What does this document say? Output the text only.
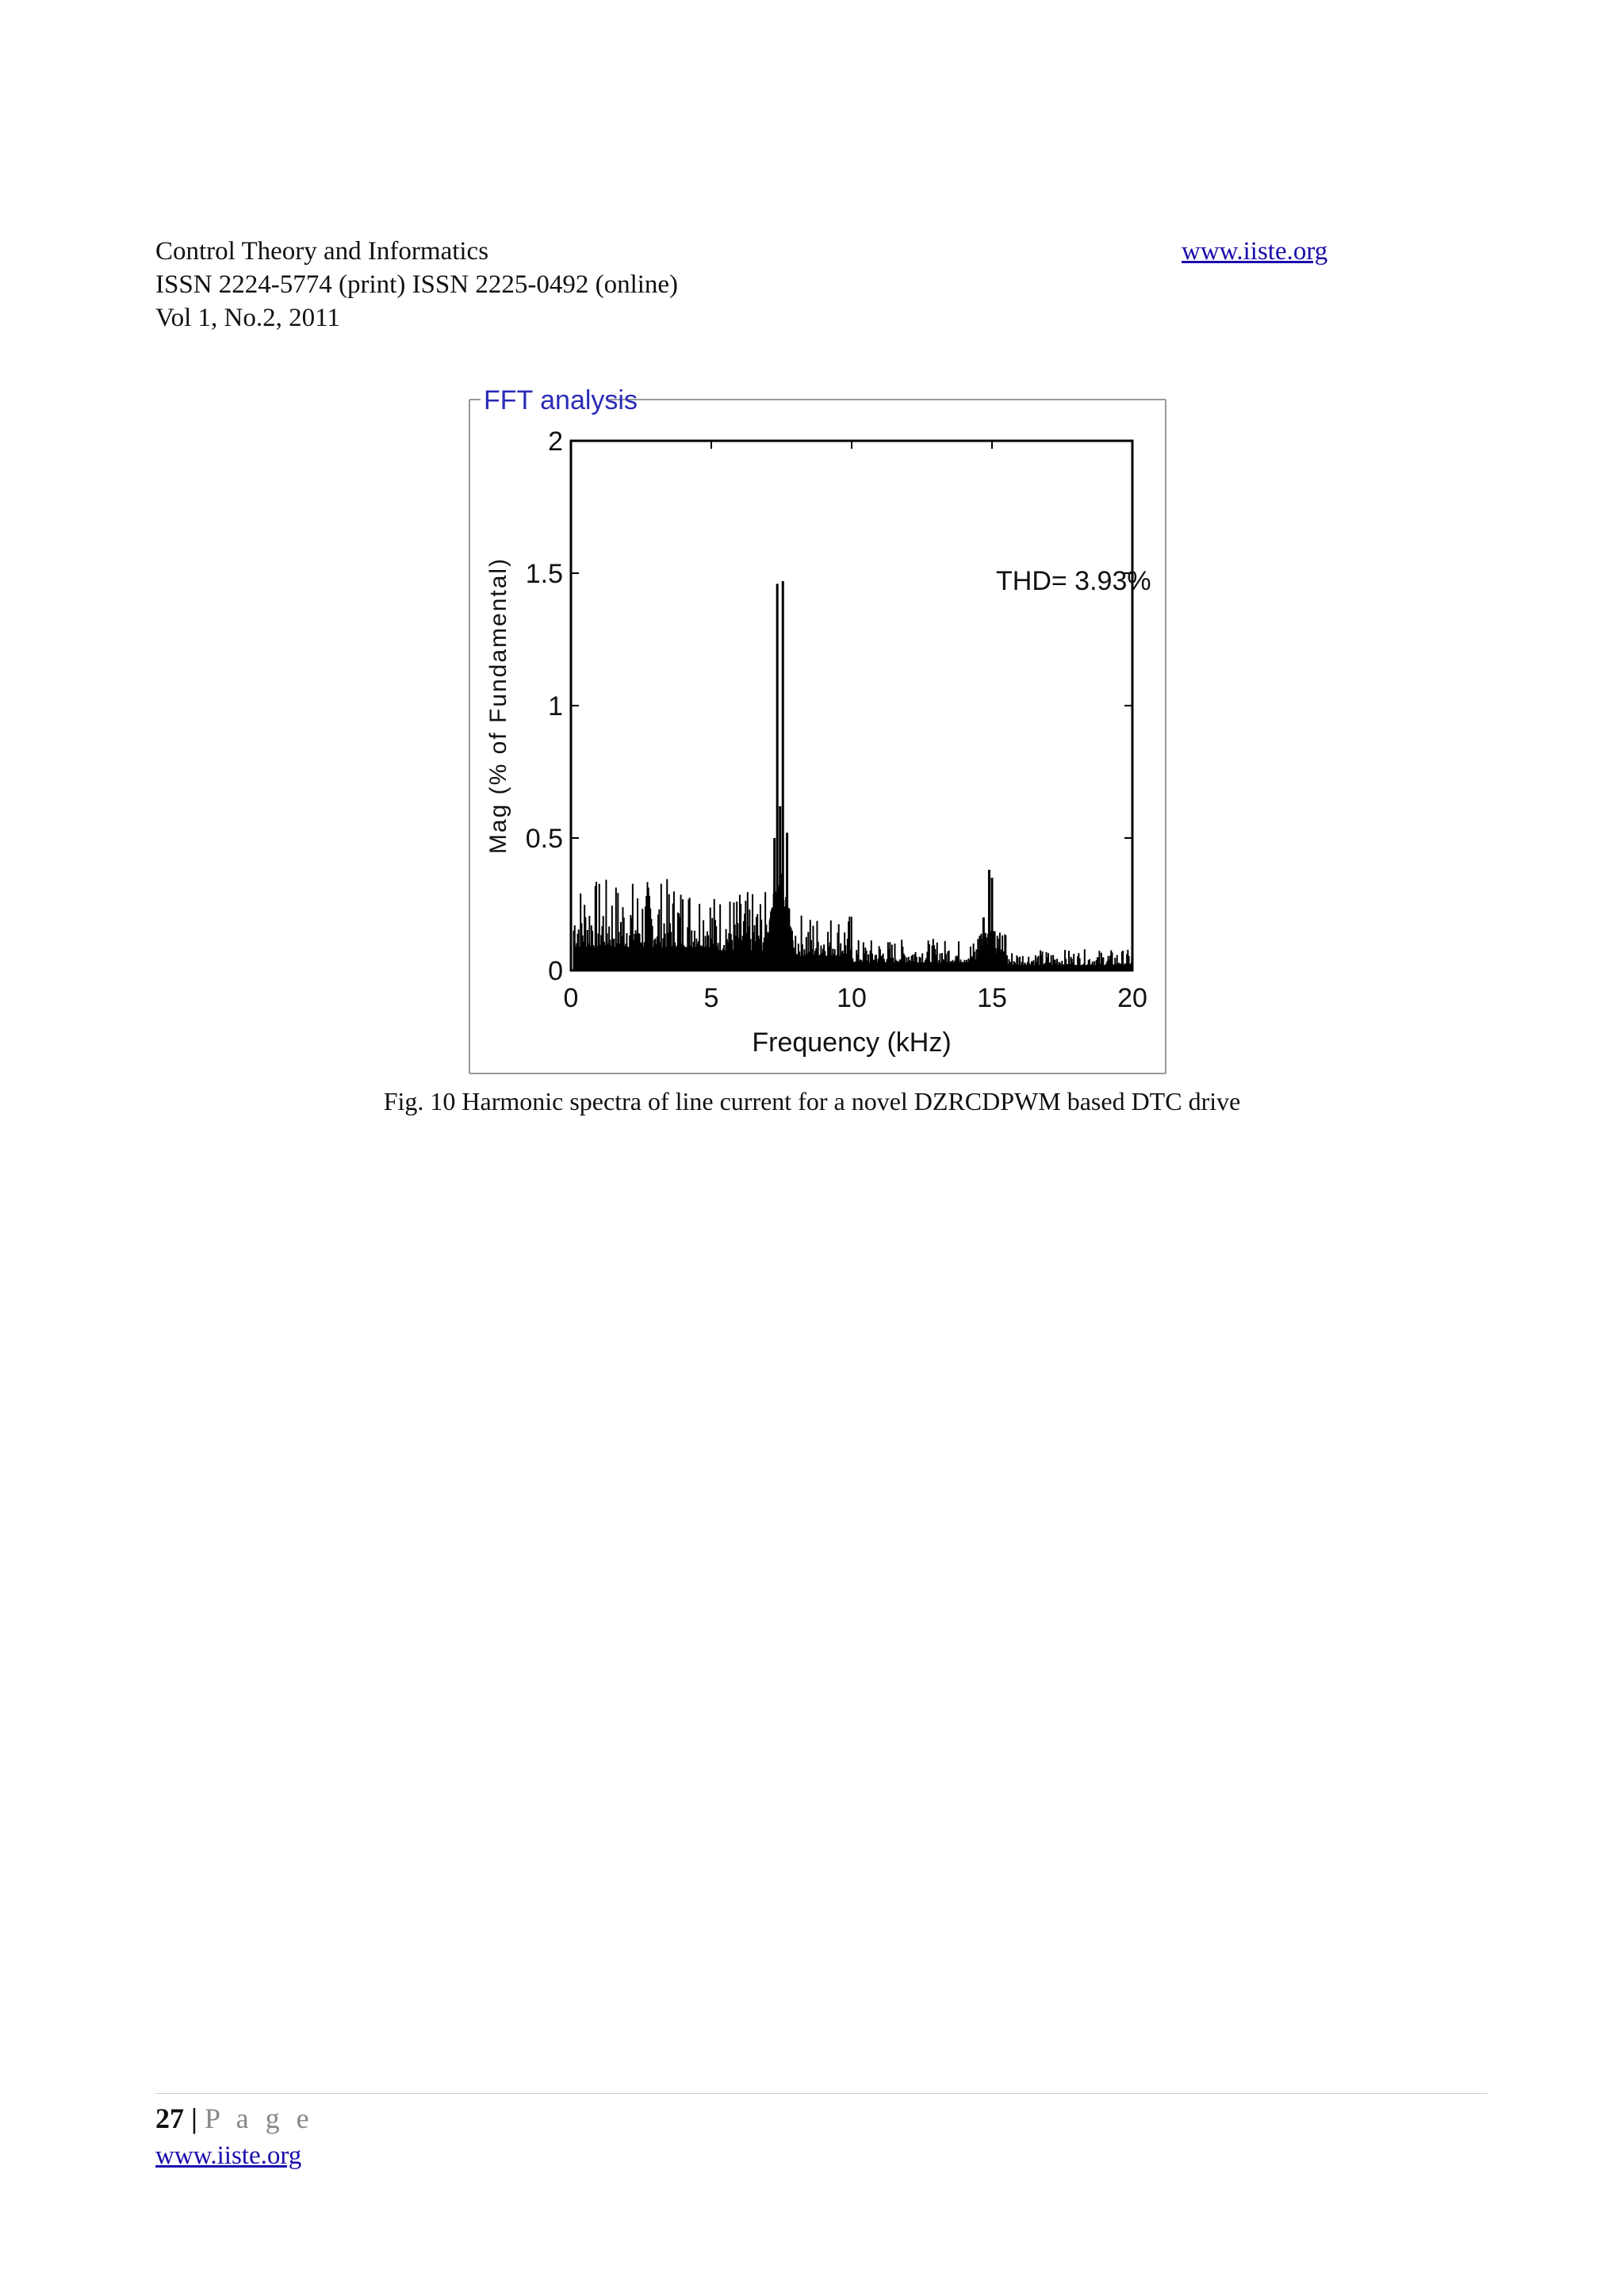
Control Theory and Informatics
ISSN 2224-5774 (print) ISSN 2225-0492 (online)
Vol 1, No.2, 2011
www.iiste.org
FFT analysis
0
0.5
1
1.5
2
0	5	10	15	20
THD= 3.93%
Frequency (kHz)
Mag (% of Fundamental)
Fig. 10 Harmonic spectra of line current for a novel DZRCDPWM based DTC drive
27 | P a g e
www.iiste.org
